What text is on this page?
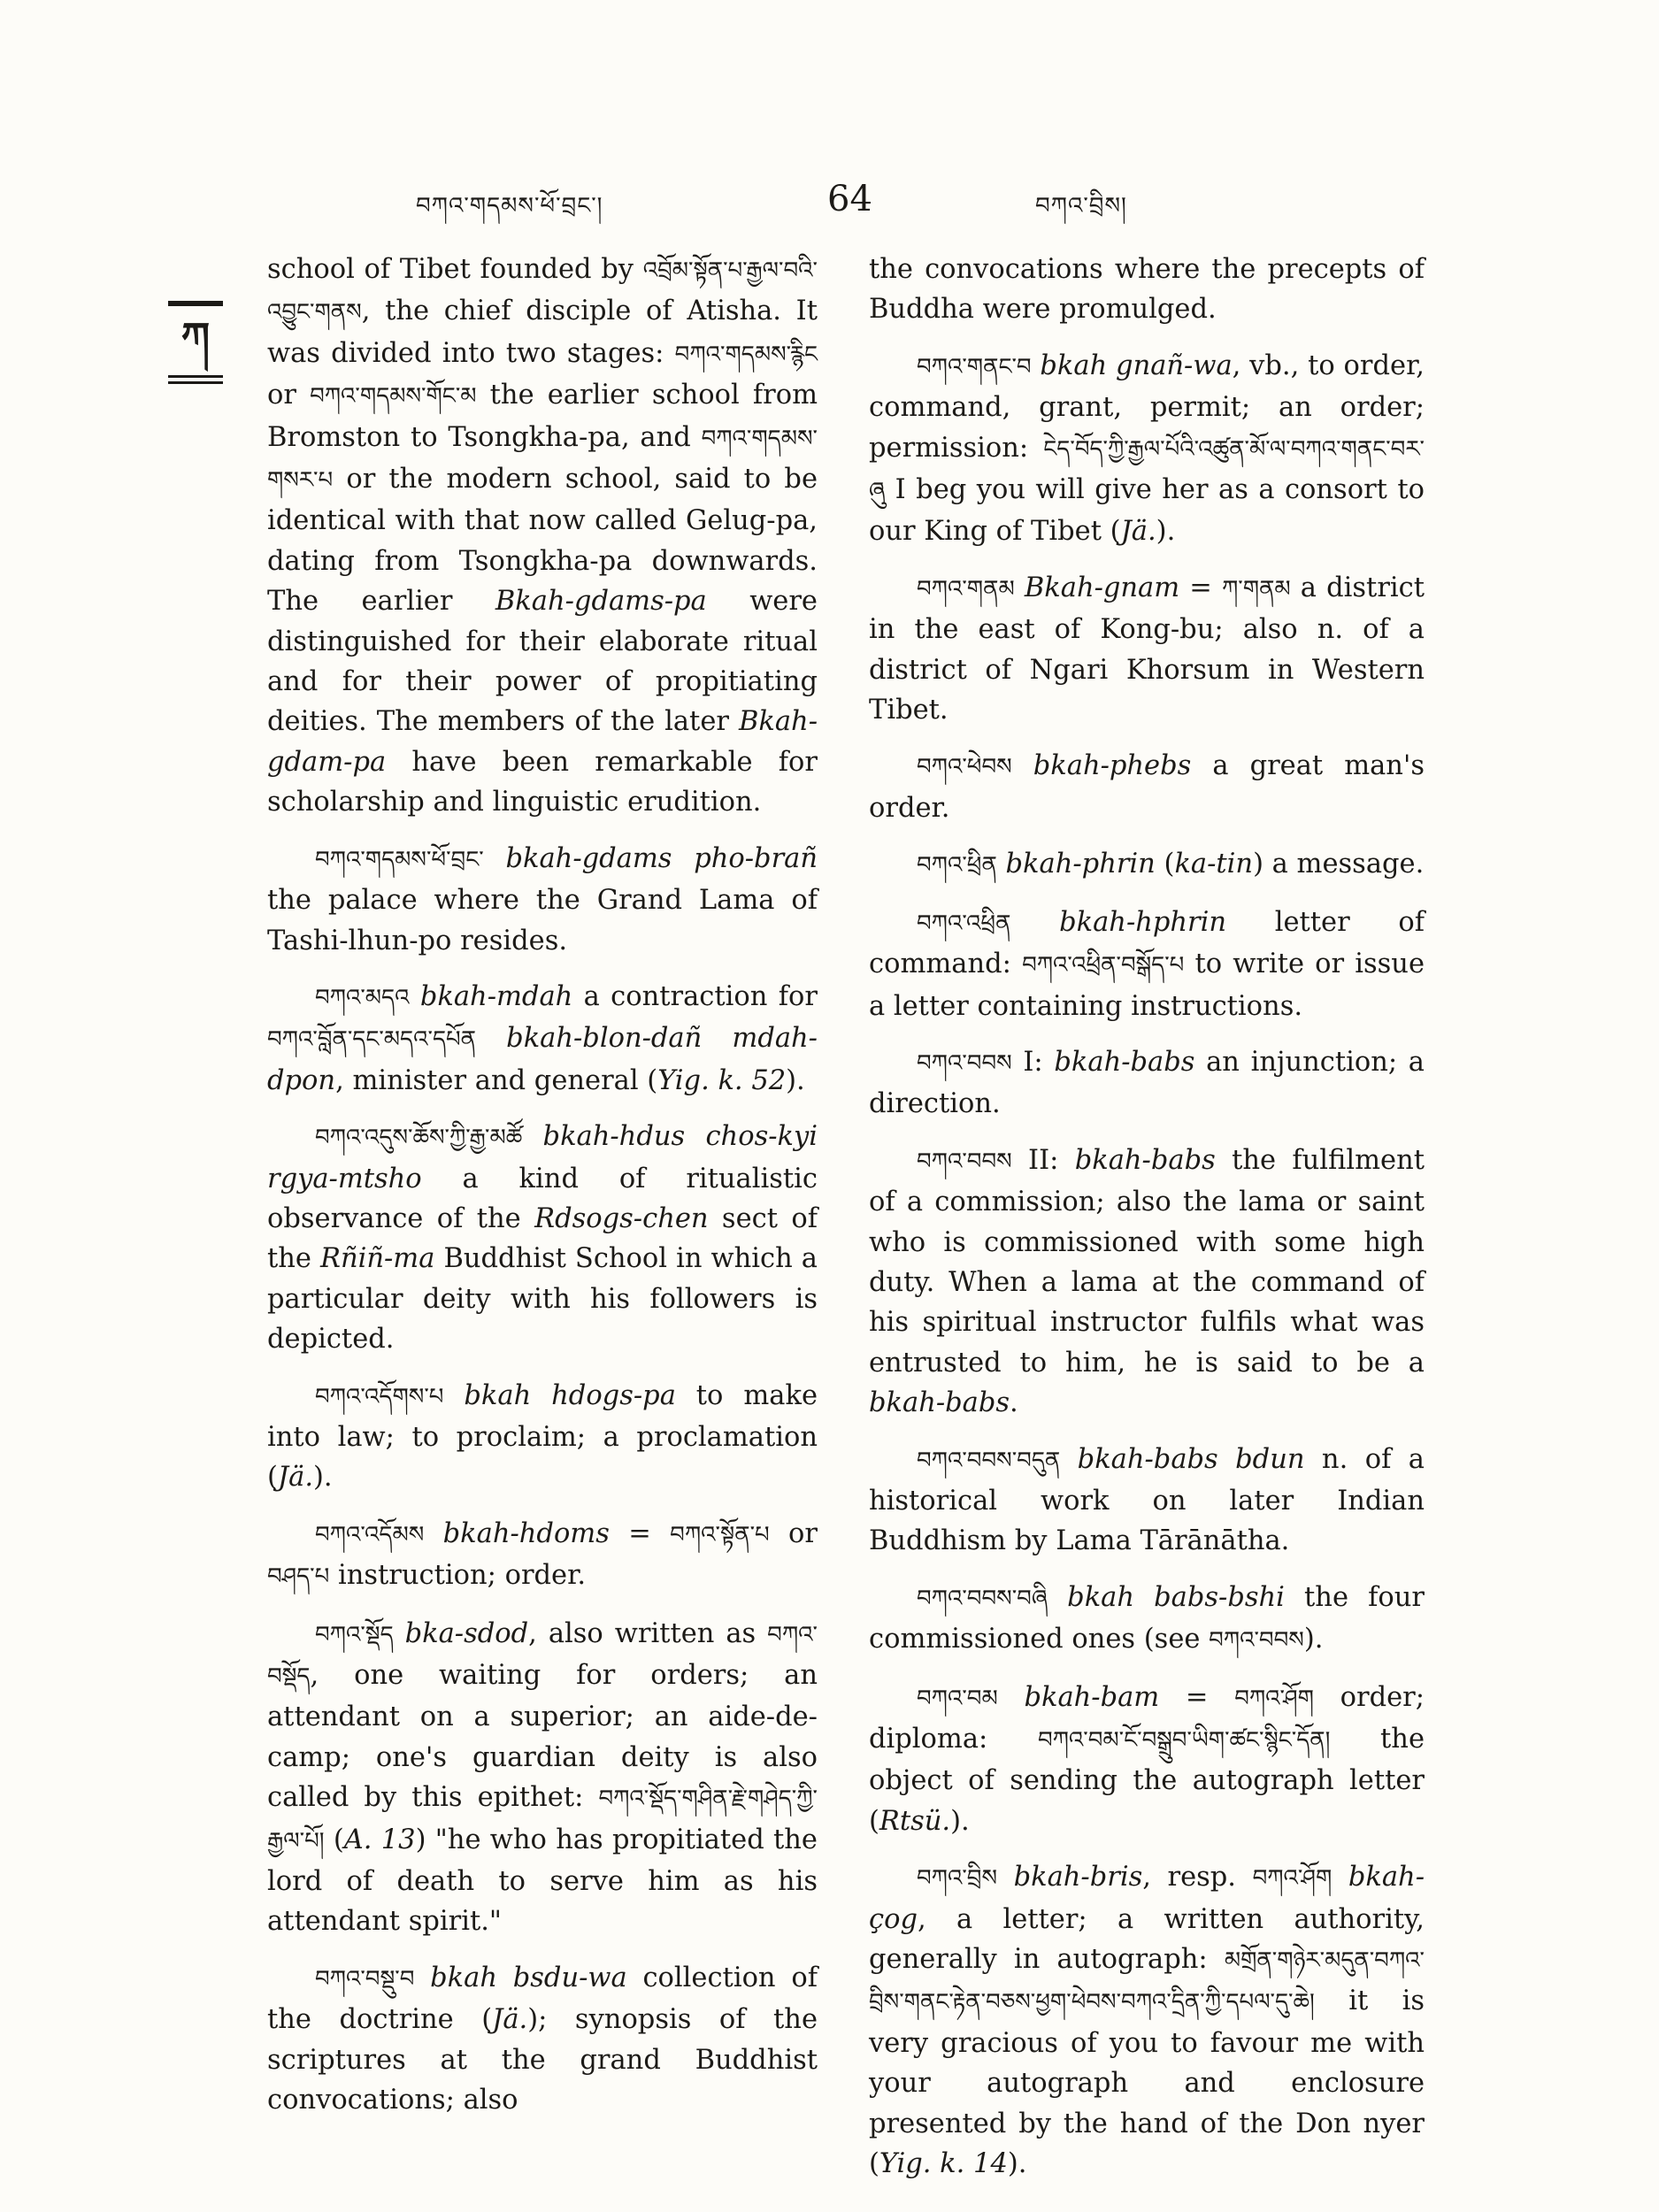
བཀའ་གདམས་ཕོ་བྲང་།	64	བཀའ་བྲིས།
ཀ

school of Tibet founded by འབྲོམ་སྟོན་པ་རྒྱལ་བའི་འབྱུང་གནས, the chief disciple of Atisha. It was divided into two stages: བཀའ་གདམས་རྙིང or བཀའ་གདམས་གོང་མ the earlier school from Bromston to Tsongkha-pa, and བཀའ་གདམས་གསར་པ or the modern school, said to be identical with that now called Gelug-pa, dating from Tsongkha-pa downwards. The earlier Bkah-gdams-pa were distinguished for their elaborate ritual and for their power of propitiating deities. The members of the later Bkah-gdam-pa have been remarkable for scholarship and linguistic erudition.

བཀའ་གདམས་ཕོ་བྲང་ bkah-gdams pho-brañ the palace where the Grand Lama of Tashi-lhun-po resides.

བཀའ་མདའ bkah-mdah a contraction for བཀའ་བློན་དང་མདའ་དཔོན bkah-blon-dañ mdah-dpon, minister and general (Yig. k. 52).

བཀའ་འདུས་ཆོས་ཀྱི་རྒྱ་མཚོ bkah-hdus chos-kyi rgya-mtsho a kind of ritualistic observance of the Rdsogs-chen sect of the Rñiñ-ma Buddhist School in which a particular deity with his followers is depicted.

བཀའ་འདོགས་པ bkah hdogs-pa to make into law; to proclaim; a proclamation (Jä.).

བཀའ་འདོམས bkah-hdoms = བཀའ་སྟོན་པ or བཤད་པ instruction; order.

བཀའ་སྡོད bka-sdod, also written as བཀའ་བསྡོད, one waiting for orders; an attendant on a superior; an aide-de-camp; one's guardian deity is also called by this epithet: བཀའ་སྡོད་གཤིན་རྗེ་གཤེད་ཀྱི་རྒྱལ་པོ། (A. 13) "he who has propitiated the lord of death to serve him as his attendant spirit."

བཀའ་བསྡུ་བ bkah bsdu-wa collection of the doctrine (Jä.); synopsis of the scriptures at the grand Buddhist convocations; also

the convocations where the precepts of Buddha were promulged.

བཀའ་གནང་བ bkah gnañ-wa, vb., to order, command, grant, permit; an order; permission: ངེད་བོད་ཀྱི་རྒྱལ་པོའི་འཚུན་མོ་ལ་བཀའ་གནང་བར་ཞུ I beg you will give her as a consort to our King of Tibet (Jä.).

བཀའ་གནམ Bkah-gnam = ཀ་གནམ a district in the east of Kong-bu; also n. of a district of Ngari Khorsum in Western Tibet.

བཀའ་ཕེབས bkah-phebs a great man's order.

བཀའ་ཕྲིན bkah-phrin (ka-tin) a message.

བཀའ་འཕྲིན bkah-hphrin letter of command: བཀའ་འཕྲིན་བསྒོད་པ to write or issue a letter containing instructions.

བཀའ་བབས I: bkah-babs an injunction; a direction.

བཀའ་བབས II: bkah-babs the fulfilment of a commission; also the lama or saint who is commissioned with some high duty. When a lama at the command of his spiritual instructor fulfils what was entrusted to him, he is said to be a bkah-babs.

བཀའ་བབས་བདུན bkah-babs bdun n. of a historical work on later Indian Buddhism by Lama Tārānātha.

བཀའ་བབས་བཞི bkah babs-bshi the four commissioned ones (see བཀའ་བབས).

བཀའ་བམ bkah-bam = བཀའ་ཤོག order; diploma: བཀའ་བམ་ངོ་བསྒྲུབ་ཡིག་ཚང་སྙིང་དོན། the object of sending the autograph letter (Rtsü.).

བཀའ་བྲིས bkah-bris, resp. བཀའ་ཤོག bkah-çog, a letter; a written authority, generally in autograph: མགྲོན་གཉེར་མདུན་བཀའ་བྲིས་གནང་རྟེན་བཅས་ཕྱག་ཕེབས་བཀའ་དྲིན་ཀྱི་དཔལ་དུ་ཆེ། it is very gracious of you to favour me with your autograph and enclosure presented by the hand of the Don nyer (Yig. k. 14).
